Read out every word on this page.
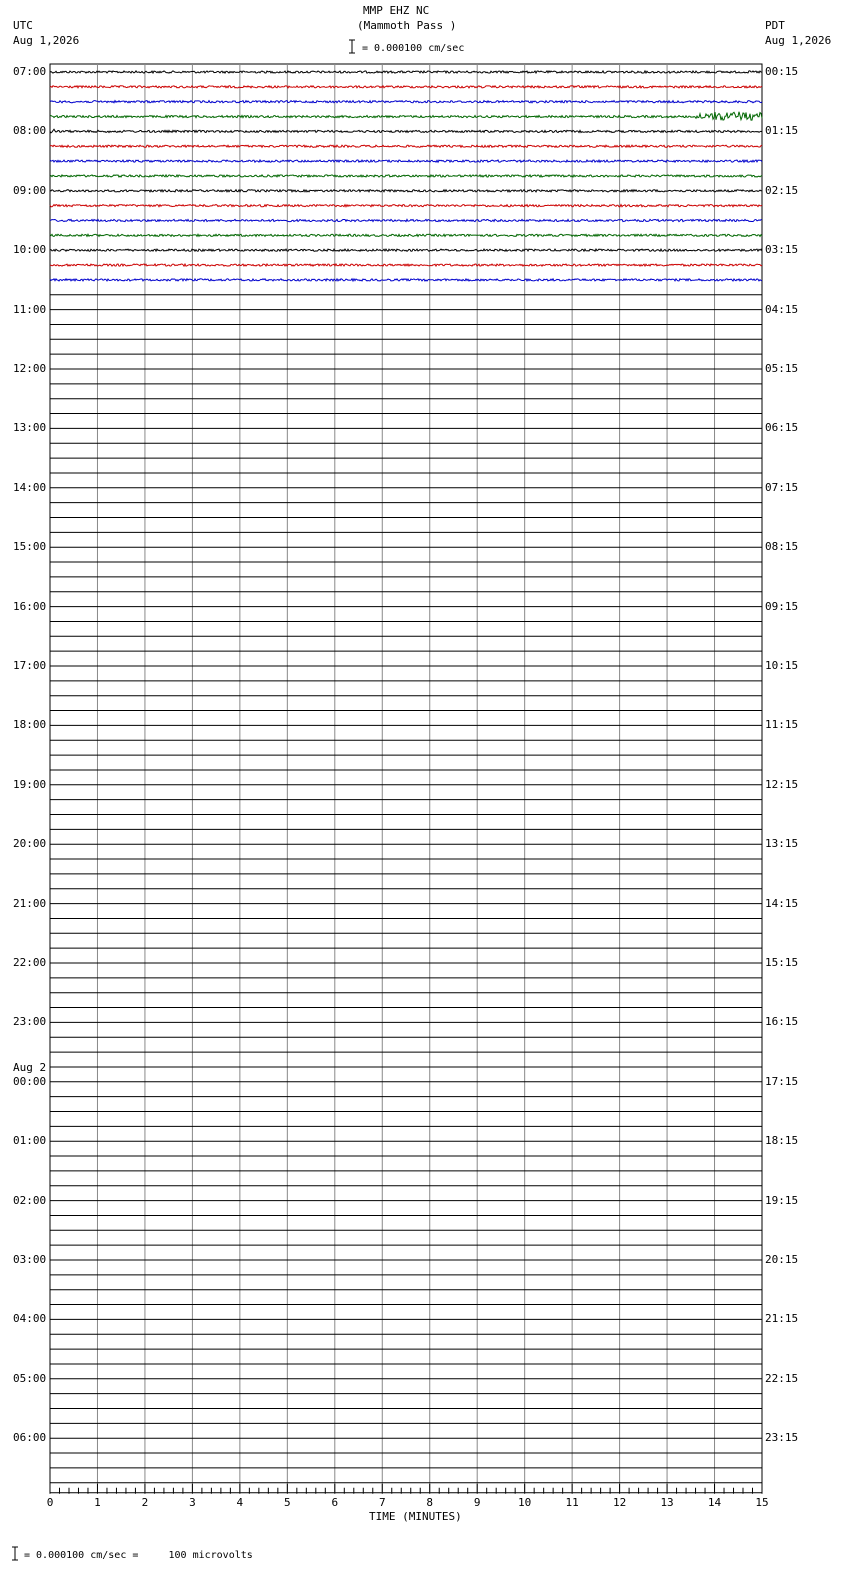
0	1	2	3	4	5	6	7	8	9	10	11	12	13	14	15
MMP EHZ NC
(Mammoth Pass )
= 0.000100 cm/sec
UTC
Aug 1,2026
PDT
Aug 1,2026
TIME (MINUTES)
= 0.000100 cm/sec =     100 microvolts
07:00
08:00
09:00
10:00
11:00
12:00
13:00
14:00
15:00
16:00
17:00
18:00
19:00
20:00
21:00
22:00
23:00
00:00
Aug 2
01:00
02:00
03:00
04:00
05:00
06:00
00:15
01:15
02:15
03:15
04:15
05:15
06:15
07:15
08:15
09:15
10:15
11:15
12:15
13:15
14:15
15:15
16:15
17:15
18:15
19:15
20:15
21:15
22:15
23:15
